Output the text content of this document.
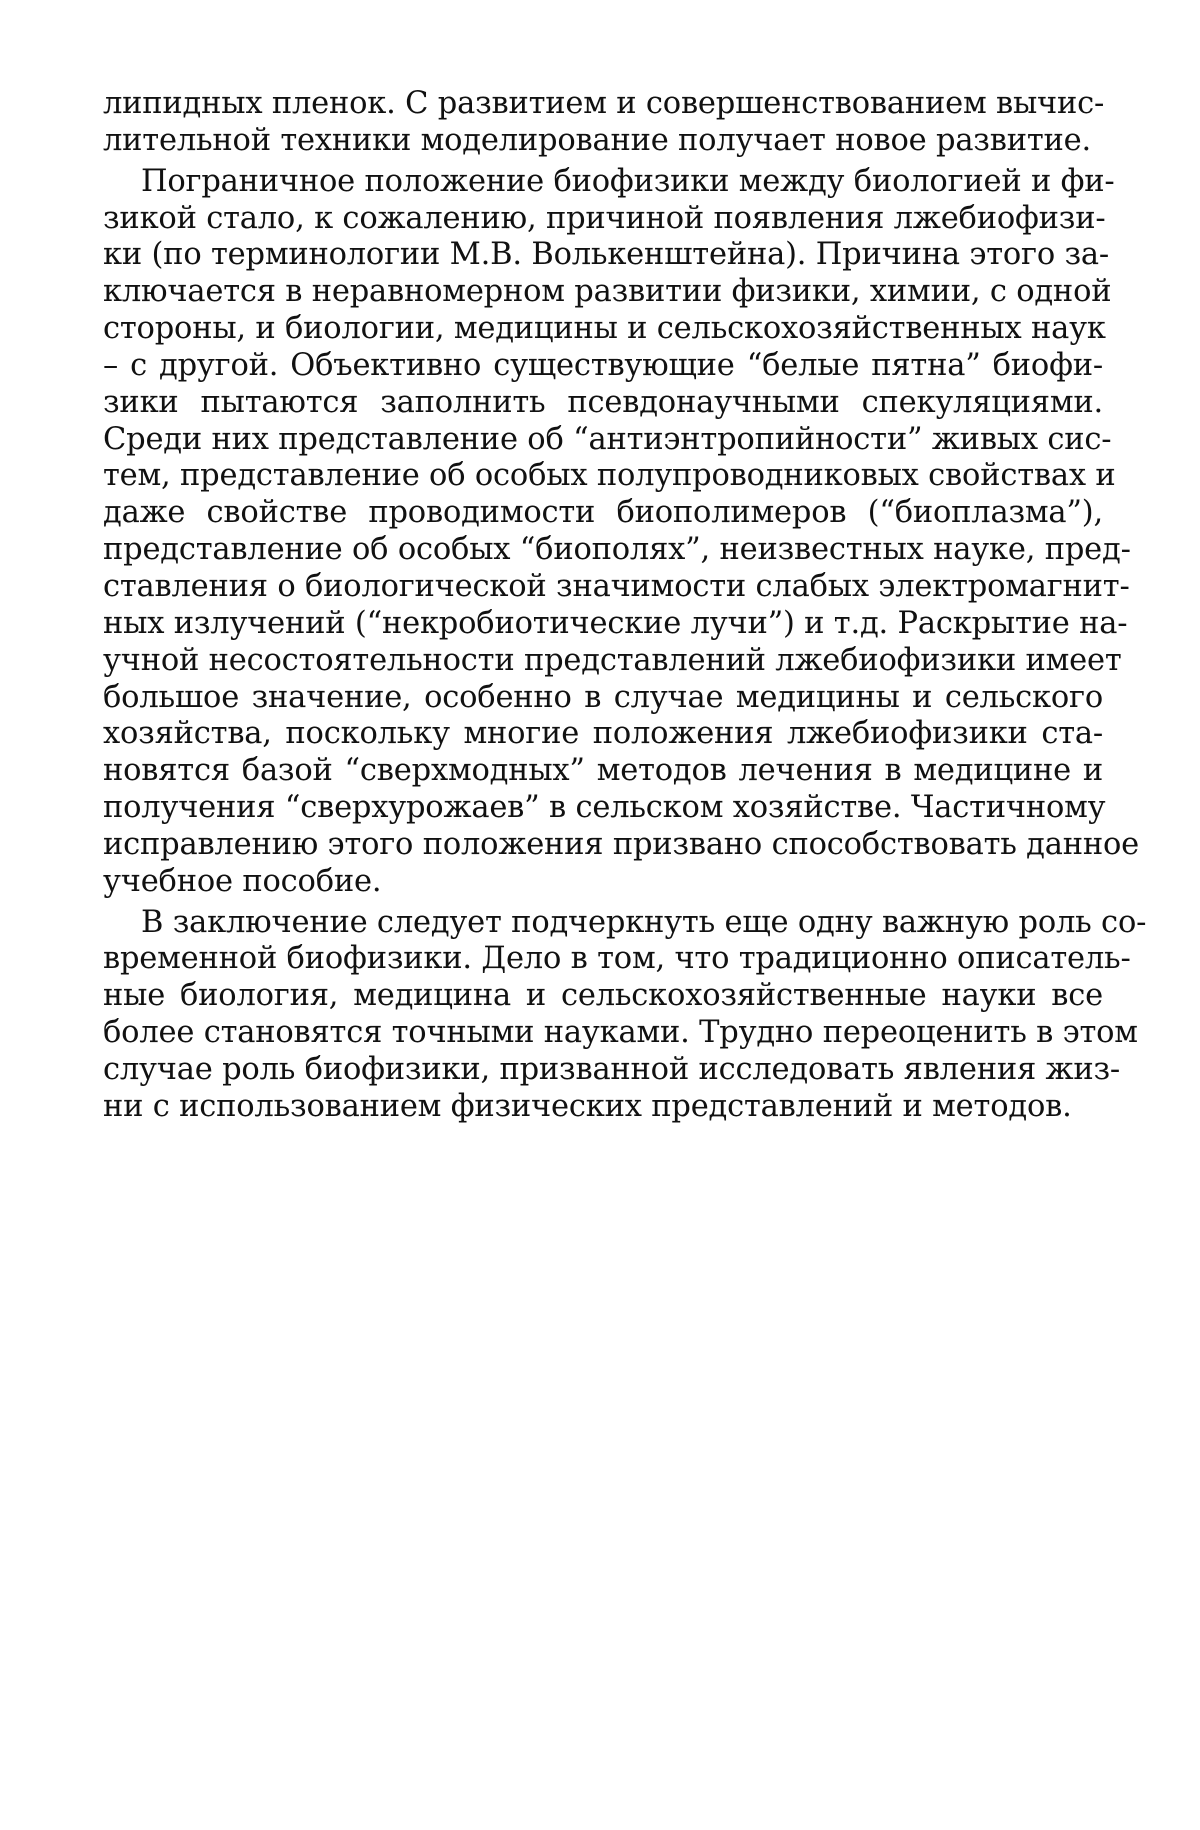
липидных пленок. С развитием и совершенствованием вычис-
лительной техники моделирование получает новое развитие.
Пограничное положение биофизики между биологией и фи-
зикой стало, к сожалению, причиной появления лжебиофизи-
ки (по терминологии М.В. Волькенштейна). Причина этого за-
ключается в неравномерном развитии физики, химии, с одной
стороны, и биологии, медицины и сельскохозяйственных наук
– с другой. Объективно существующие “белые пятна” биофи-
зики пытаются заполнить псевдонаучными спекуляциями.
Среди них представление об “антиэнтропийности” живых сис-
тем, представление об особых полупроводниковых свойствах и
даже свойстве проводимости биополимеров (“биоплазма”),
представление об особых “биополях”, неизвестных науке, пред-
ставления о биологической значимости слабых электромагнит-
ных излучений (“некробиотические лучи”) и т.д. Раскрытие на-
учной несостоятельности представлений лжебиофизики имеет
большое значение, особенно в случае медицины и сельского
хозяйства, поскольку многие положения лжебиофизики ста-
новятся базой “сверхмодных” методов лечения в медицине и
получения “сверхурожаев” в сельском хозяйстве. Частичному
исправлению этого положения призвано способствовать данное
учебное пособие.
В заключение следует подчеркнуть еще одну важную роль со-
временной биофизики. Дело в том, что традиционно описатель-
ные биология, медицина и сельскохозяйственные науки все
более становятся точными науками. Трудно переоценить в этом
случае роль биофизики, призванной исследовать явления жиз-
ни с использованием физических представлений и методов.
